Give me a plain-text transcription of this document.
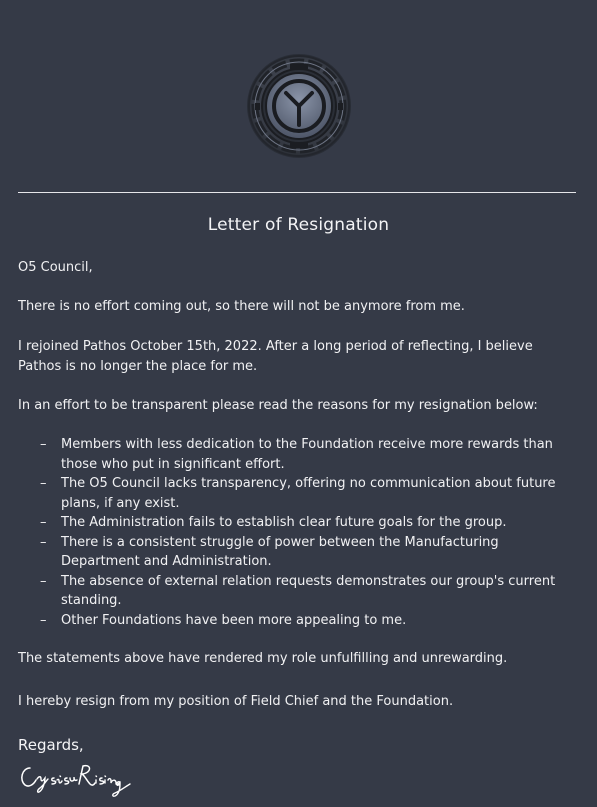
Letter of Resignation
O5 Council,
There is no effort coming out, so there will not be anymore from me.
I rejoined Pathos October 15th, 2022. After a long period of reflecting, I believe Pathos is no longer the place for me.
In an effort to be transparent please read the reasons for my resignation below:
– Members with less dedication to the Foundation receive more rewards than those who put in significant effort.
– The O5 Council lacks transparency, offering no communication about future plans, if any exist.
– The Administration fails to establish clear future goals for the group.
– There is a consistent struggle of power between the Manufacturing Department and Administration.
– The absence of external relation requests demonstrates our group's current standing.
– Other Foundations have been more appealing to me.
The statements above have rendered my role unfulfilling and unrewarding.
I hereby resign from my position of Field Chief and the Foundation.
Regards,
